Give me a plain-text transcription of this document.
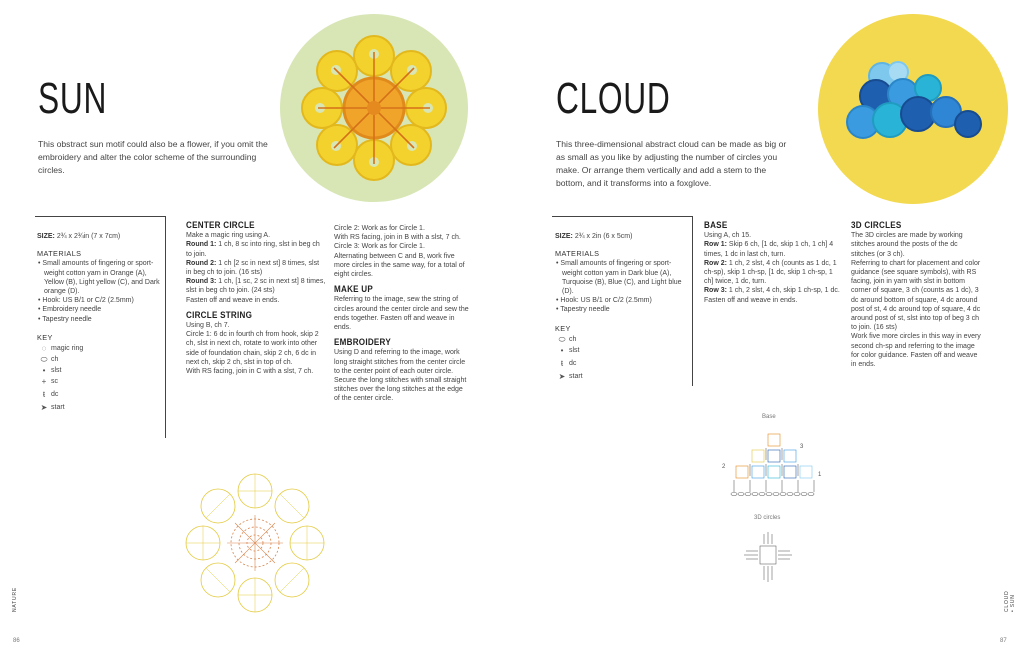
SUN
This obstract sun motif could also be a flower, if you omit the embroidery and alter the color scheme of the surrounding circles.
SIZE: 2¾ x 2¾in (7 x 7cm)
MATERIALS
• Small amounts of fingering or sport-weight cotton yarn in Orange (A), Yellow (B), Light yellow (C), and Dark orange (D).
• Hook: US B/1 or C/2 (2.5mm)
• Embroidery needle
• Tapestry needle
KEY
◌ magic ring
⬭ ch
• slst
+ sc
ŧ dc
➤ start
CENTER CIRCLE
Make a magic ring using A.
Round 1: 1 ch, 8 sc into ring, slst in beg ch to join.
Round 2: 1 ch [2 sc in next st] 8 times, slst in beg ch to join. (16 sts)
Round 3: 1 ch, [1 sc, 2 sc in next st] 8 times, slst in beg ch to join. (24 sts)
Fasten off and weave in ends.
CIRCLE STRING
Using B, ch 7.
Circle 1: 6 dc in fourth ch from hook, skip 2 ch, slst in next ch, rotate to work into other side of foundation chain, skip 2 ch, 6 dc in next ch, skip 2 ch, slst in top of ch.
With RS facing, join in C with a slst, 7 ch.
Circle 2: Work as for Circle 1.
With RS facing, join in B with a slst, 7 ch.
Circle 3: Work as for Circle 1.
Alternating between C and B, work five more circles in the same way, for a total of eight circles.
MAKE UP
Referring to the image, sew the string of circles around the center circle and sew the ends together. Fasten off and weave in ends.
EMBROIDERY
Using D and referring to the image, work long straight stitches from the center circle to the center point of each outer circle. Secure the long stitches with small straight stitches over the long stitches at the edge of the center circle.
NATURE
86
CLOUD
This three-dimensional abstract cloud can be made as big or as small as you like by adjusting the number of circles you make. Or arrange them vertically and add a stem to the bottom, and it transforms into a foxglove.
SIZE: 2¾ x 2in (6 x 5cm)
MATERIALS
• Small amounts of fingering or sport-weight cotton yarn in Dark blue (A), Turquoise (B), Blue (C), and Light blue (D).
• Hook: US B/1 or C/2 (2.5mm)
• Tapestry needle
KEY
⬭ ch
• slst
ŧ dc
➤ start
BASE
Using A, ch 15.
Row 1: Skip 6 ch, [1 dc, skip 1 ch, 1 ch] 4 times, 1 dc in last ch, turn.
Row 2: 1 ch, 2 slst, 4 ch (counts as 1 dc, 1 ch-sp), skip 1 ch-sp, [1 dc, skip 1 ch-sp, 1 ch] twice, 1 dc, turn.
Row 3: 1 ch, 2 slst, 4 ch, skip 1 ch-sp, 1 dc. Fasten off and weave in ends.
3D CIRCLES
The 3D circles are made by working stitches around the posts of the dc stitches (or 3 ch).
Referring to chart for placement and color guidance (see square symbols), with RS facing, join in yarn with slst in bottom corner of square, 3 ch (counts as 1 dc), 3 dc around bottom of square, 4 dc around post of st, 4 dc around top of square, 4 dc around post of st, slst into top of beg 3 ch to join. (16 sts)
Work five more circles in this way in every second ch-sp and referring to the image for color guidance. Fasten off and weave in ends.
Base
1
2
3
3D circles
CLOUD • SUN
87
